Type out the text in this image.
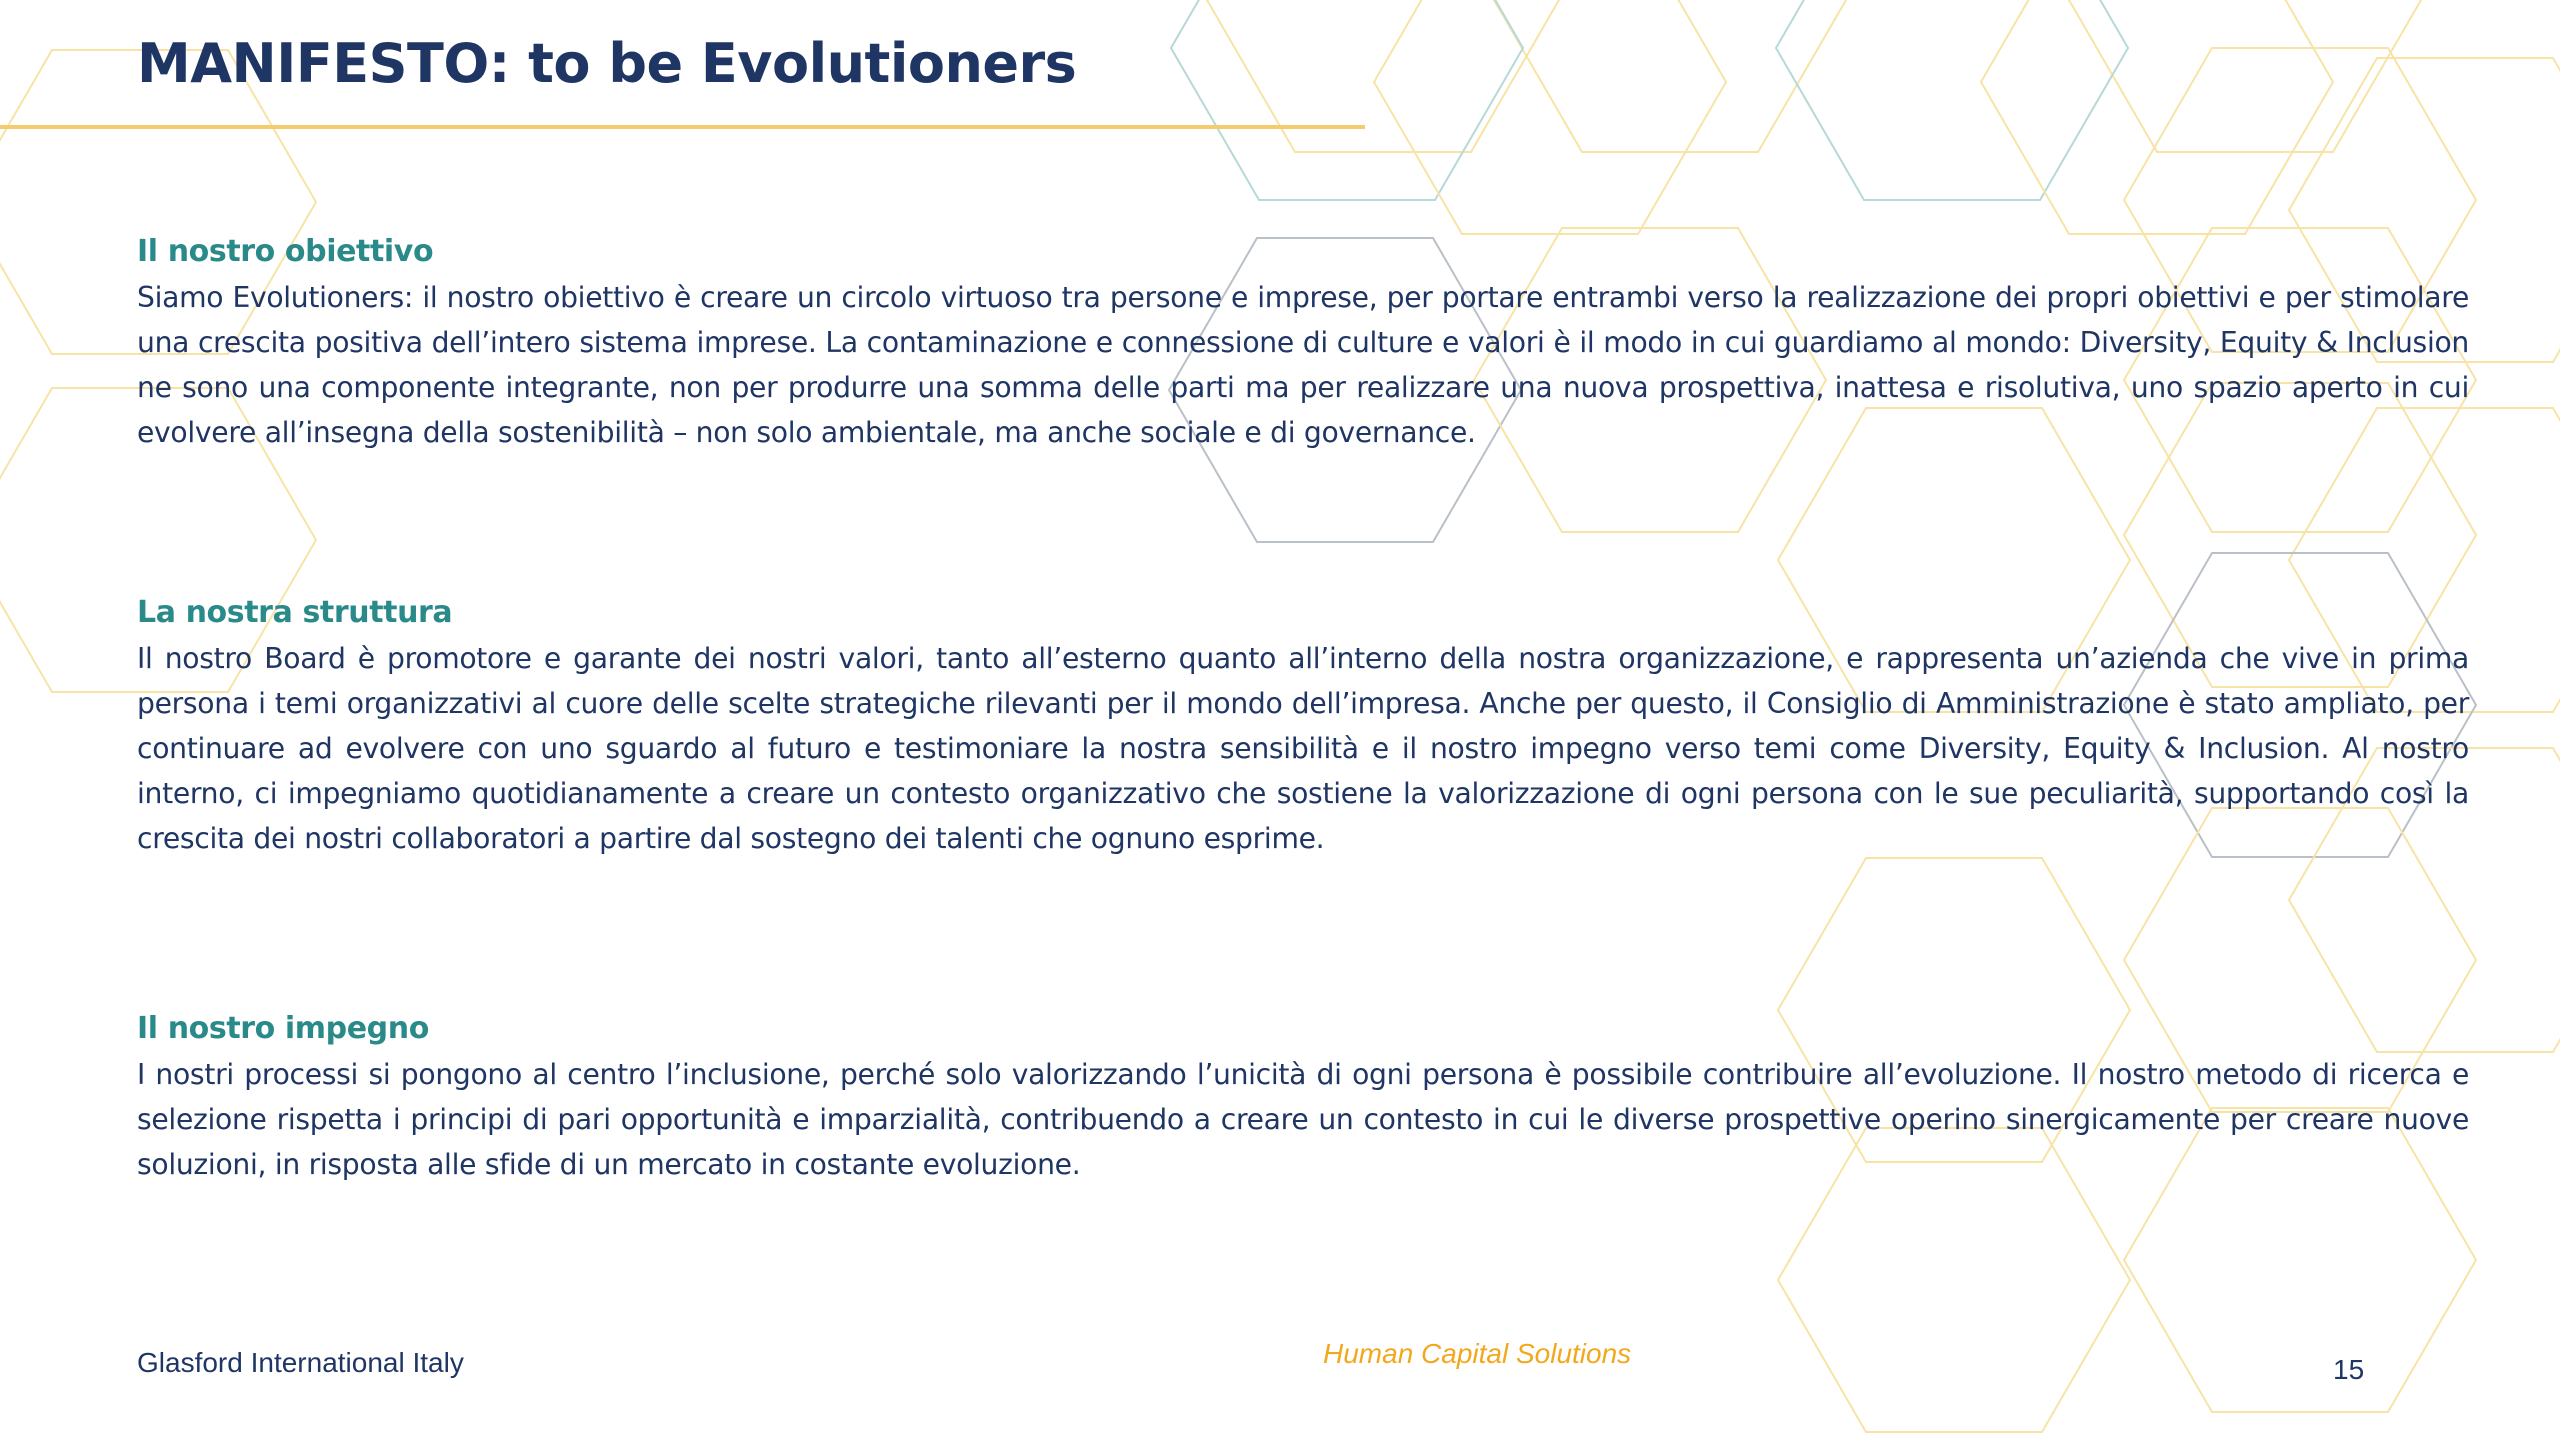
MANIFESTO: to be Evolutioners
Il nostro obiettivo

Siamo Evolutioners: il nostro obiettivo è creare un circolo virtuoso tra persone e imprese, per portare entrambi verso la realizzazione dei propri obiettivi e per stimolare una crescita positiva dell’intero sistema imprese. La contaminazione e connessione di culture e valori è il modo in cui guardiamo al mondo: Diversity, Equity & Inclusion ne sono una componente integrante, non per produrre una somma delle parti ma per realizzare una nuova prospettiva, inattesa e risolutiva, uno spazio aperto in cui evolvere all’insegna della sostenibilità – non solo ambientale, ma anche sociale e di governance.

La nostra struttura

Il nostro Board è promotore e garante dei nostri valori, tanto all’esterno quanto all’interno della nostra organizzazione, e rappresenta un’azienda che vive in prima persona i temi organizzativi al cuore delle scelte strategiche rilevanti per il mondo dell’impresa. Anche per questo, il Consiglio di Amministrazione è stato ampliato, per continuare ad evolvere con uno sguardo al futuro e testimoniare la nostra sensibilità e il nostro impegno verso temi come Diversity, Equity & Inclusion. Al nostro interno, ci impegniamo quotidianamente a creare un contesto organizzativo che sostiene la valorizzazione di ogni persona con le sue peculiarità, supportando così la crescita dei nostri collaboratori a partire dal sostegno dei talenti che ognuno esprime.

Il nostro impegno

I nostri processi si pongono al centro l’inclusione, perché solo valorizzando l’unicità di ogni persona è possibile contribuire all’evoluzione. Il nostro metodo di ricerca e selezione rispetta i principi di pari opportunità e imparzialità, contribuendo a creare un contesto in cui le diverse prospettive operino sinergicamente per creare nuove soluzioni, in risposta alle sfide di un mercato in costante evoluzione.

Glasford International Italy	Human Capital Solutions
15
